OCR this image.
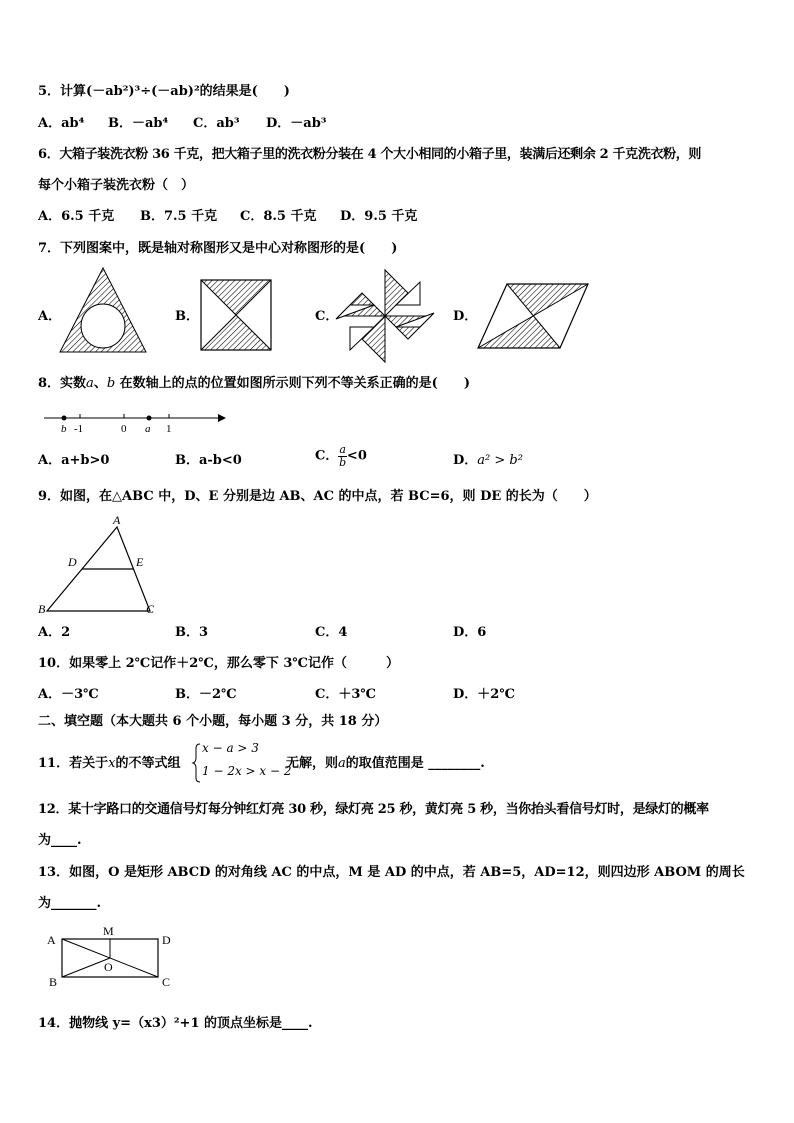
5．计算(－ab²)³÷(－ab)²的结果是(　　)
A．ab⁴ B．－ab⁴ C．ab³ D．－ab³
6．大箱子装洗衣粉 36 千克，把大箱子里的洗衣粉分装在 4 个大小相同的小箱子里，装满后还剩余 2 千克洗衣粉，则
每个小箱子装洗衣粉（　）
A．6.5 千克 B．7.5 千克 C．8.5 千克 D．9.5 千克
7．下列图案中，既是轴对称图形又是中心对称图形的是(　　)
A．	B．	C．	D．
b -1	0 a 1
A
D	E
B	C
A
M
D
O
B	C
8．实数a、b 在数轴上的点的位置如图所示则下列不等关系正确的是(　　)
A．a+b>0	B．a-b<0	C． $\frac{a}{b} <0$	D．a² > b²
9．如图，在△ABC 中，D、E 分别是边 AB、AC 的中点，若 BC=6，则 DE 的长为（　　）
A．2	B．3	C．4	D．6
10．如果零上 2℃记作＋2℃，那么零下 3℃记作（　　　）
A．－3℃	B．－2℃	C．＋3℃	D．＋2℃
二、填空题（本大题共 6 个小题，每小题 3 分，共 18 分）
11．若关于x的不等式组
x − a > 3
1 − 2x > x − 2
无解，则a的取值范围是 ________.
12．某十字路口的交通信号灯每分钟红灯亮 30 秒，绿灯亮 25 秒，黄灯亮 5 秒，当你抬头看信号灯时，是绿灯的概率
为____.
13．如图，O 是矩形 ABCD 的对角线 AC 的中点，M 是 AD 的中点，若 AB=5，AD=12，则四边形 ABOM 的周长
为_______.
14．抛物线 y=（x3）²+1 的顶点坐标是____.
